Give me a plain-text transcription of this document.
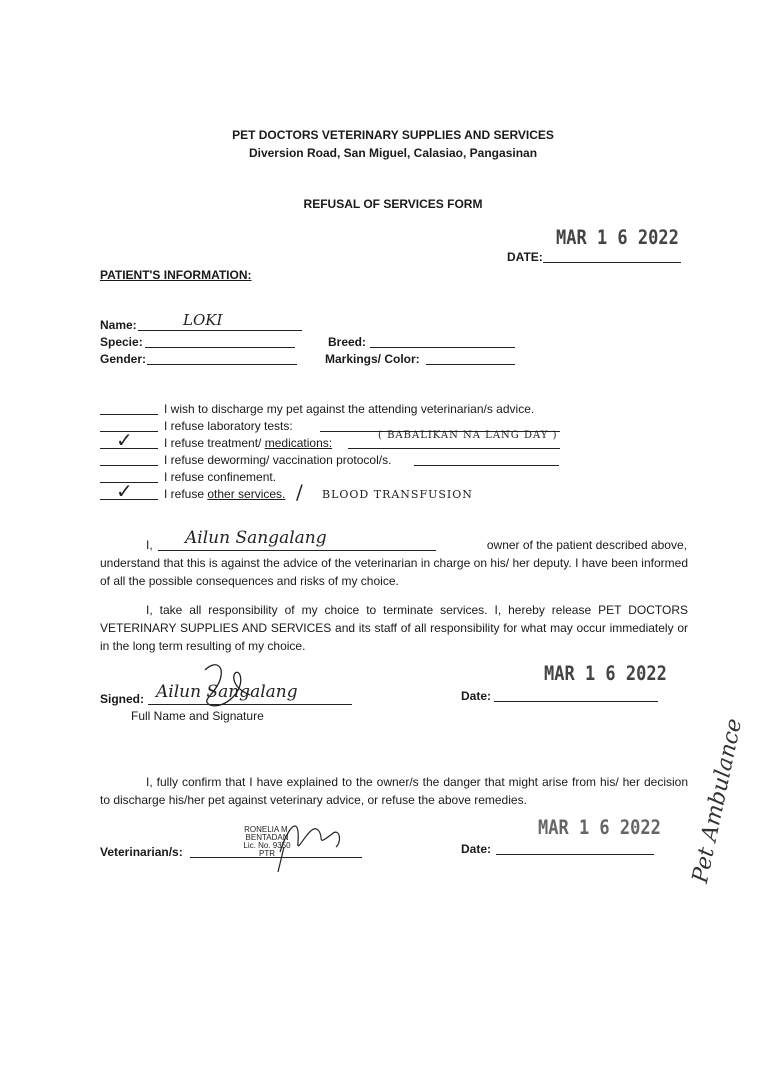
PET DOCTORS VETERINARY SUPPLIES AND SERVICES
Diversion Road, San Miguel, Calasiao, Pangasinan
REFUSAL OF SERVICES FORM
MAR 1 6 2022
DATE:
PATIENT'S INFORMATION:
Name:	LOKI
Specie:	Breed:
Gender:	Markings/ Color:
I wish to discharge my pet against the attending veterinarian/s advice.
I refuse laboratory tests:
✓	I refuse treatment/ medications:
( BABALIKAN NA LANG DAY )
I refuse deworming/ vaccination protocol/s.
I refuse confinement.
✓	I refuse other services. / BLOOD TRANSFUSION
I, Ailun Sangalang	owner of the patient described above,
understand that this is against the advice of the veterinarian in charge on his/ her deputy. I have been informed of all the possible consequences and risks of my choice.
I, take all responsibility of my choice to terminate services. I, hereby release PET DOCTORS VETERINARY SUPPLIES AND SERVICES and its staff of all responsibility for what may occur immediately or in the long term resulting of my choice.
MAR 1 6 2022
Signed: Ailun Sangalang
Full Name and Signature
Date:
I, fully confirm that I have explained to the owner/s the danger that might arise from his/ her decision to discharge his/her pet against veterinary advice, or refuse the above remedies.
MAR 1 6 2022
RONELIA M. BENTADAN
Lic. No. 9350
PTR
Veterinarian/s:	Date:	Pet Ambulance
